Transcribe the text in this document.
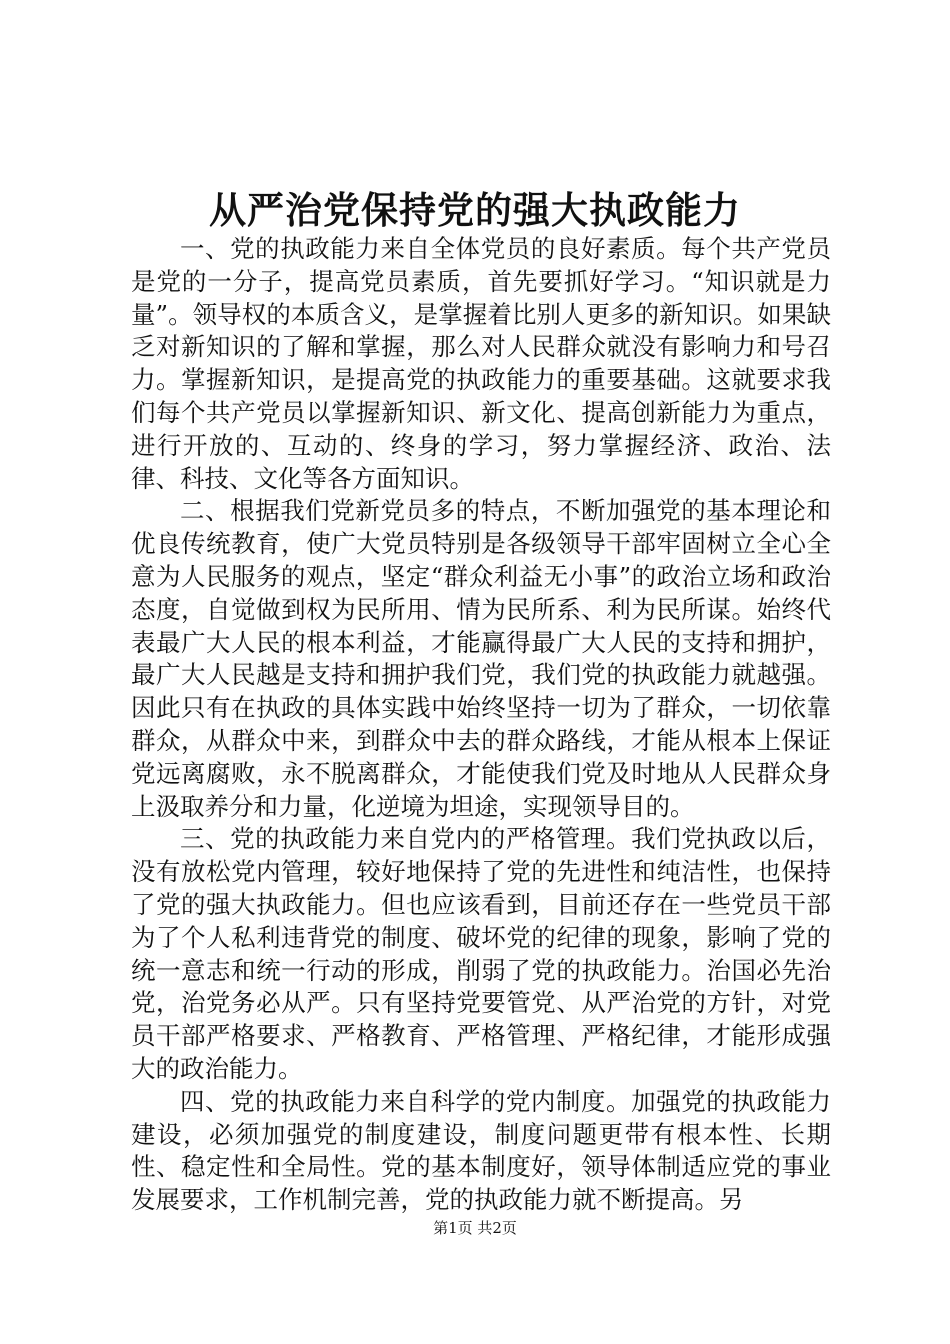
从严治党保持党的强大执政能力

一、党的执政能力来自全体党员的良好素质。每个共产党员是党的一分子，提高党员素质，首先要抓好学习。“知识就是力量”。领导权的本质含义，是掌握着比别人更多的新知识。如果缺乏对新知识的了解和掌握，那么对人民群众就没有影响力和号召力。掌握新知识，是提高党的执政能力的重要基础。这就要求我们每个共产党员以掌握新知识、新文化、提高创新能力为重点，进行开放的、互动的、终身的学习，努力掌握经济、政治、法律、科技、文化等各方面知识。

二、根据我们党新党员多的特点，不断加强党的基本理论和优良传统教育，使广大党员特别是各级领导干部牢固树立全心全意为人民服务的观点，坚定“群众利益无小事”的政治立场和政治态度，自觉做到权为民所用、情为民所系、利为民所谋。始终代表最广大人民的根本利益，才能赢得最广大人民的支持和拥护，最广大人民越是支持和拥护我们党，我们党的执政能力就越强。因此只有在执政的具体实践中始终坚持一切为了群众，一切依靠群众，从群众中来，到群众中去的群众路线，才能从根本上保证党远离腐败，永不脱离群众，才能使我们党及时地从人民群众身上汲取养分和力量，化逆境为坦途，实现领导目的。

三、党的执政能力来自党内的严格管理。我们党执政以后，没有放松党内管理，较好地保持了党的先进性和纯洁性，也保持了党的强大执政能力。但也应该看到，目前还存在一些党员干部为了个人私利违背党的制度、破坏党的纪律的现象，影响了党的统一意志和统一行动的形成，削弱了党的执政能力。治国必先治党，治党务必从严。只有坚持党要管党、从严治党的方针，对党员干部严格要求、严格教育、严格管理、严格纪律，才能形成强大的政治能力。

四、党的执政能力来自科学的党内制度。加强党的执政能力建设，必须加强党的制度建设，制度问题更带有根本性、长期性、稳定性和全局性。党的基本制度好，领导体制适应党的事业发展要求，工作机制完善，党的执政能力就不断提高。另

第1页 共2页
